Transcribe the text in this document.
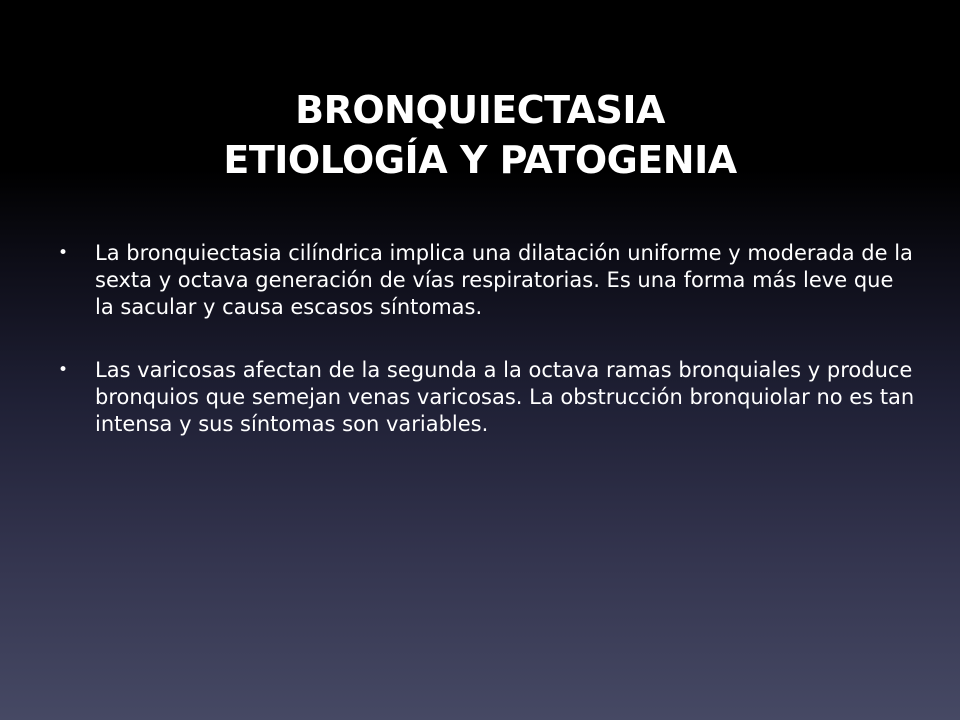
BRONQUIECTASIA
ETIOLOGÍA Y PATOGENIA
• La bronquiectasia cilíndrica implica una dilatación uniforme y moderada de la sexta y octava generación de vías respiratorias. Es una forma más leve que la sacular y causa escasos síntomas.
• Las varicosas afectan de la segunda a la octava ramas bronquiales y produce bronquios que semejan venas varicosas. La obstrucción bronquiolar no es tan intensa y sus síntomas son variables.
